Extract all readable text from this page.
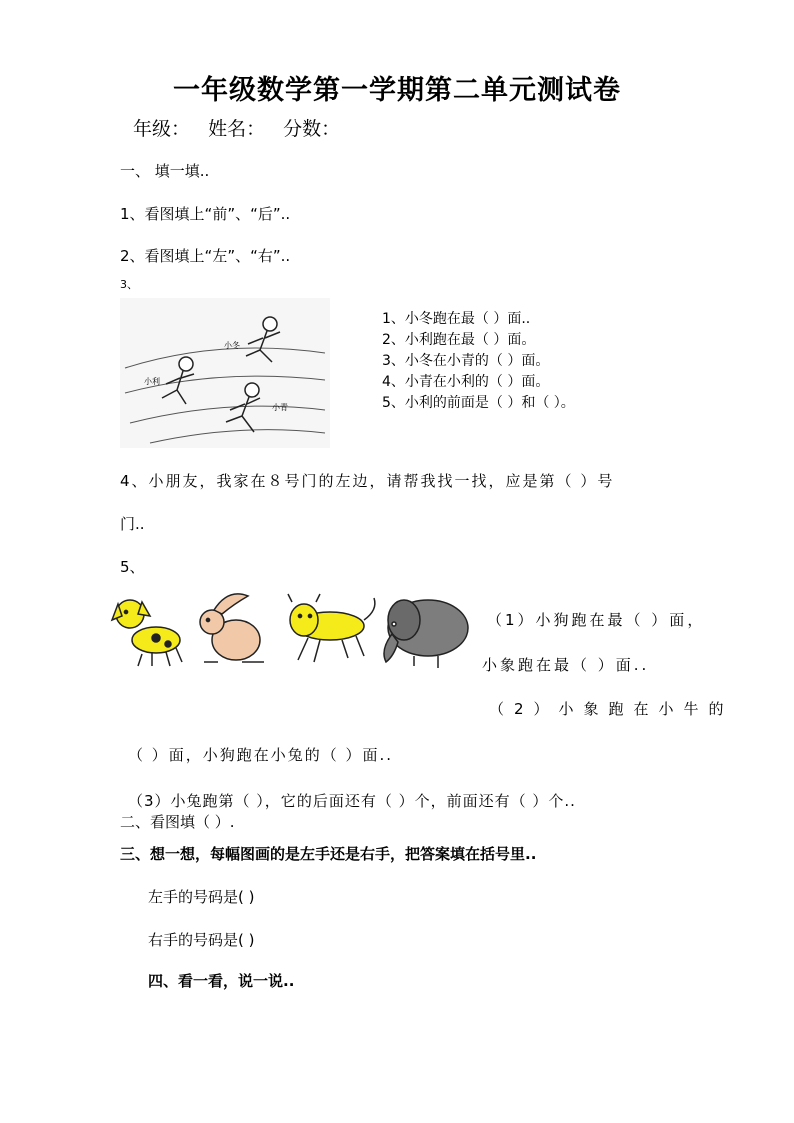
一年级数学第一学期第二单元测试卷
年级： 姓名： 分数：
一、 填一填..
1、看图填上“前”、“后”..
2、看图填上“左”、“右”..
3、
小冬
小利
小青
1、小冬跑在最（ ）面..
2、小利跑在最（ ）面。
3、小冬在小青的（ ）面。
4、小青在小利的（ ）面。
5、小利的前面是（ ）和（ ）。
4、小朋友，我家在８号门的左边，请帮我找一找，应是第（ ）号
门..
5、
（1）小狗跑在最（ ）面，
小象跑在最（ ）面..
（2）小象跑在小牛的
（ ）面，小狗跑在小兔的（ ）面..
（3）小兔跑第（ ），它的后面还有（ ）个，前面还有（ ）个..
二、看图填（ ）.
三、想一想，每幅图画的是左手还是右手，把答案填在括号里..
左手的号码是( )
右手的号码是( )
四、看一看，说一说..
